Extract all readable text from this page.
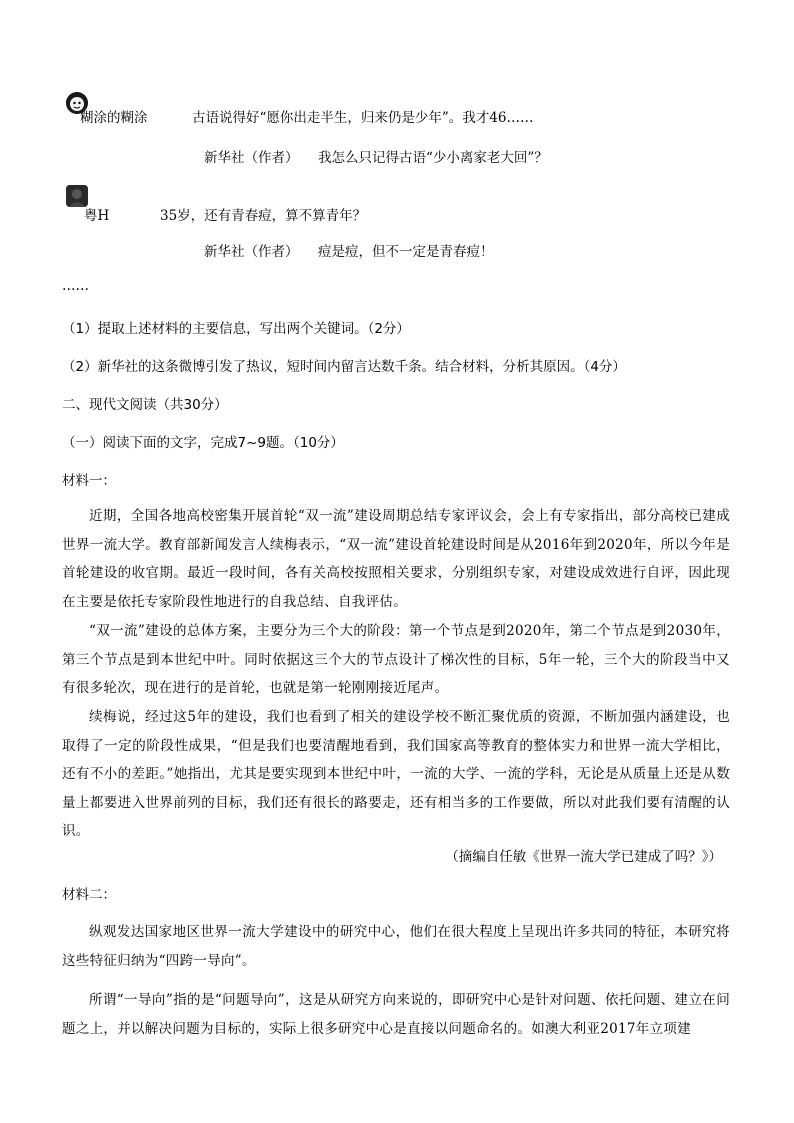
糊涂的糊涂	古语说得好“愿你出走半生，归来仍是少年”。我才46……
新华社（作者） 我怎么只记得古语“少小离家老大回”？
粤H	35岁，还有青春痘，算不算青年？
新华社（作者） 痘是痘，但不一定是青春痘！
……
（1）提取上述材料的主要信息，写出两个关键词。（2分）
（2）新华社的这条微博引发了热议，短时间内留言达数千条。结合材料，分析其原因。（4分）
二、现代文阅读（共30分）
（一）阅读下面的文字，完成7~9题。（10分）
材料一：
近期，全国各地高校密集开展首轮“双一流”建设周期总结专家评议会，会上有专家指出，部分高校已建成世界一流大学。教育部新闻发言人续梅表示，“双一流”建设首轮建设时间是从2016年到2020年，所以今年是首轮建设的收官期。最近一段时间，各有关高校按照相关要求，分别组织专家，对建设成效进行自评，因此现在主要是依托专家阶段性地进行的自我总结、自我评估。
“双一流”建设的总体方案，主要分为三个大的阶段：第一个节点是到2020年，第二个节点是到2030年，第三个节点是到本世纪中叶。同时依据这三个大的节点设计了梯次性的目标，5年一轮，三个大的阶段当中又有很多轮次，现在进行的是首轮，也就是第一轮刚刚接近尾声。
续梅说，经过这5年的建设，我们也看到了相关的建设学校不断汇聚优质的资源，不断加强内涵建设，也取得了一定的阶段性成果，“但是我们也要清醒地看到，我们国家高等教育的整体实力和世界一流大学相比，还有不小的差距。”她指出，尤其是要实现到本世纪中叶，一流的大学、一流的学科，无论是从质量上还是从数量上都要进入世界前列的目标，我们还有很长的路要走，还有相当多的工作要做，所以对此我们要有清醒的认识。
（摘编自任敏《世界一流大学已建成了吗？》）
材料二：
纵观发达国家地区世界一流大学建设中的研究中心，他们在很大程度上呈现出许多共同的特征，本研究将这些特征归纳为“四跨一导向”。
所谓“一导向”指的是“问题导向”，这是从研究方向来说的，即研究中心是针对问题、依托问题、建立在问题之上，并以解决问题为目标的，实际上很多研究中心是直接以问题命名的。如澳大利亚2017年立项建
